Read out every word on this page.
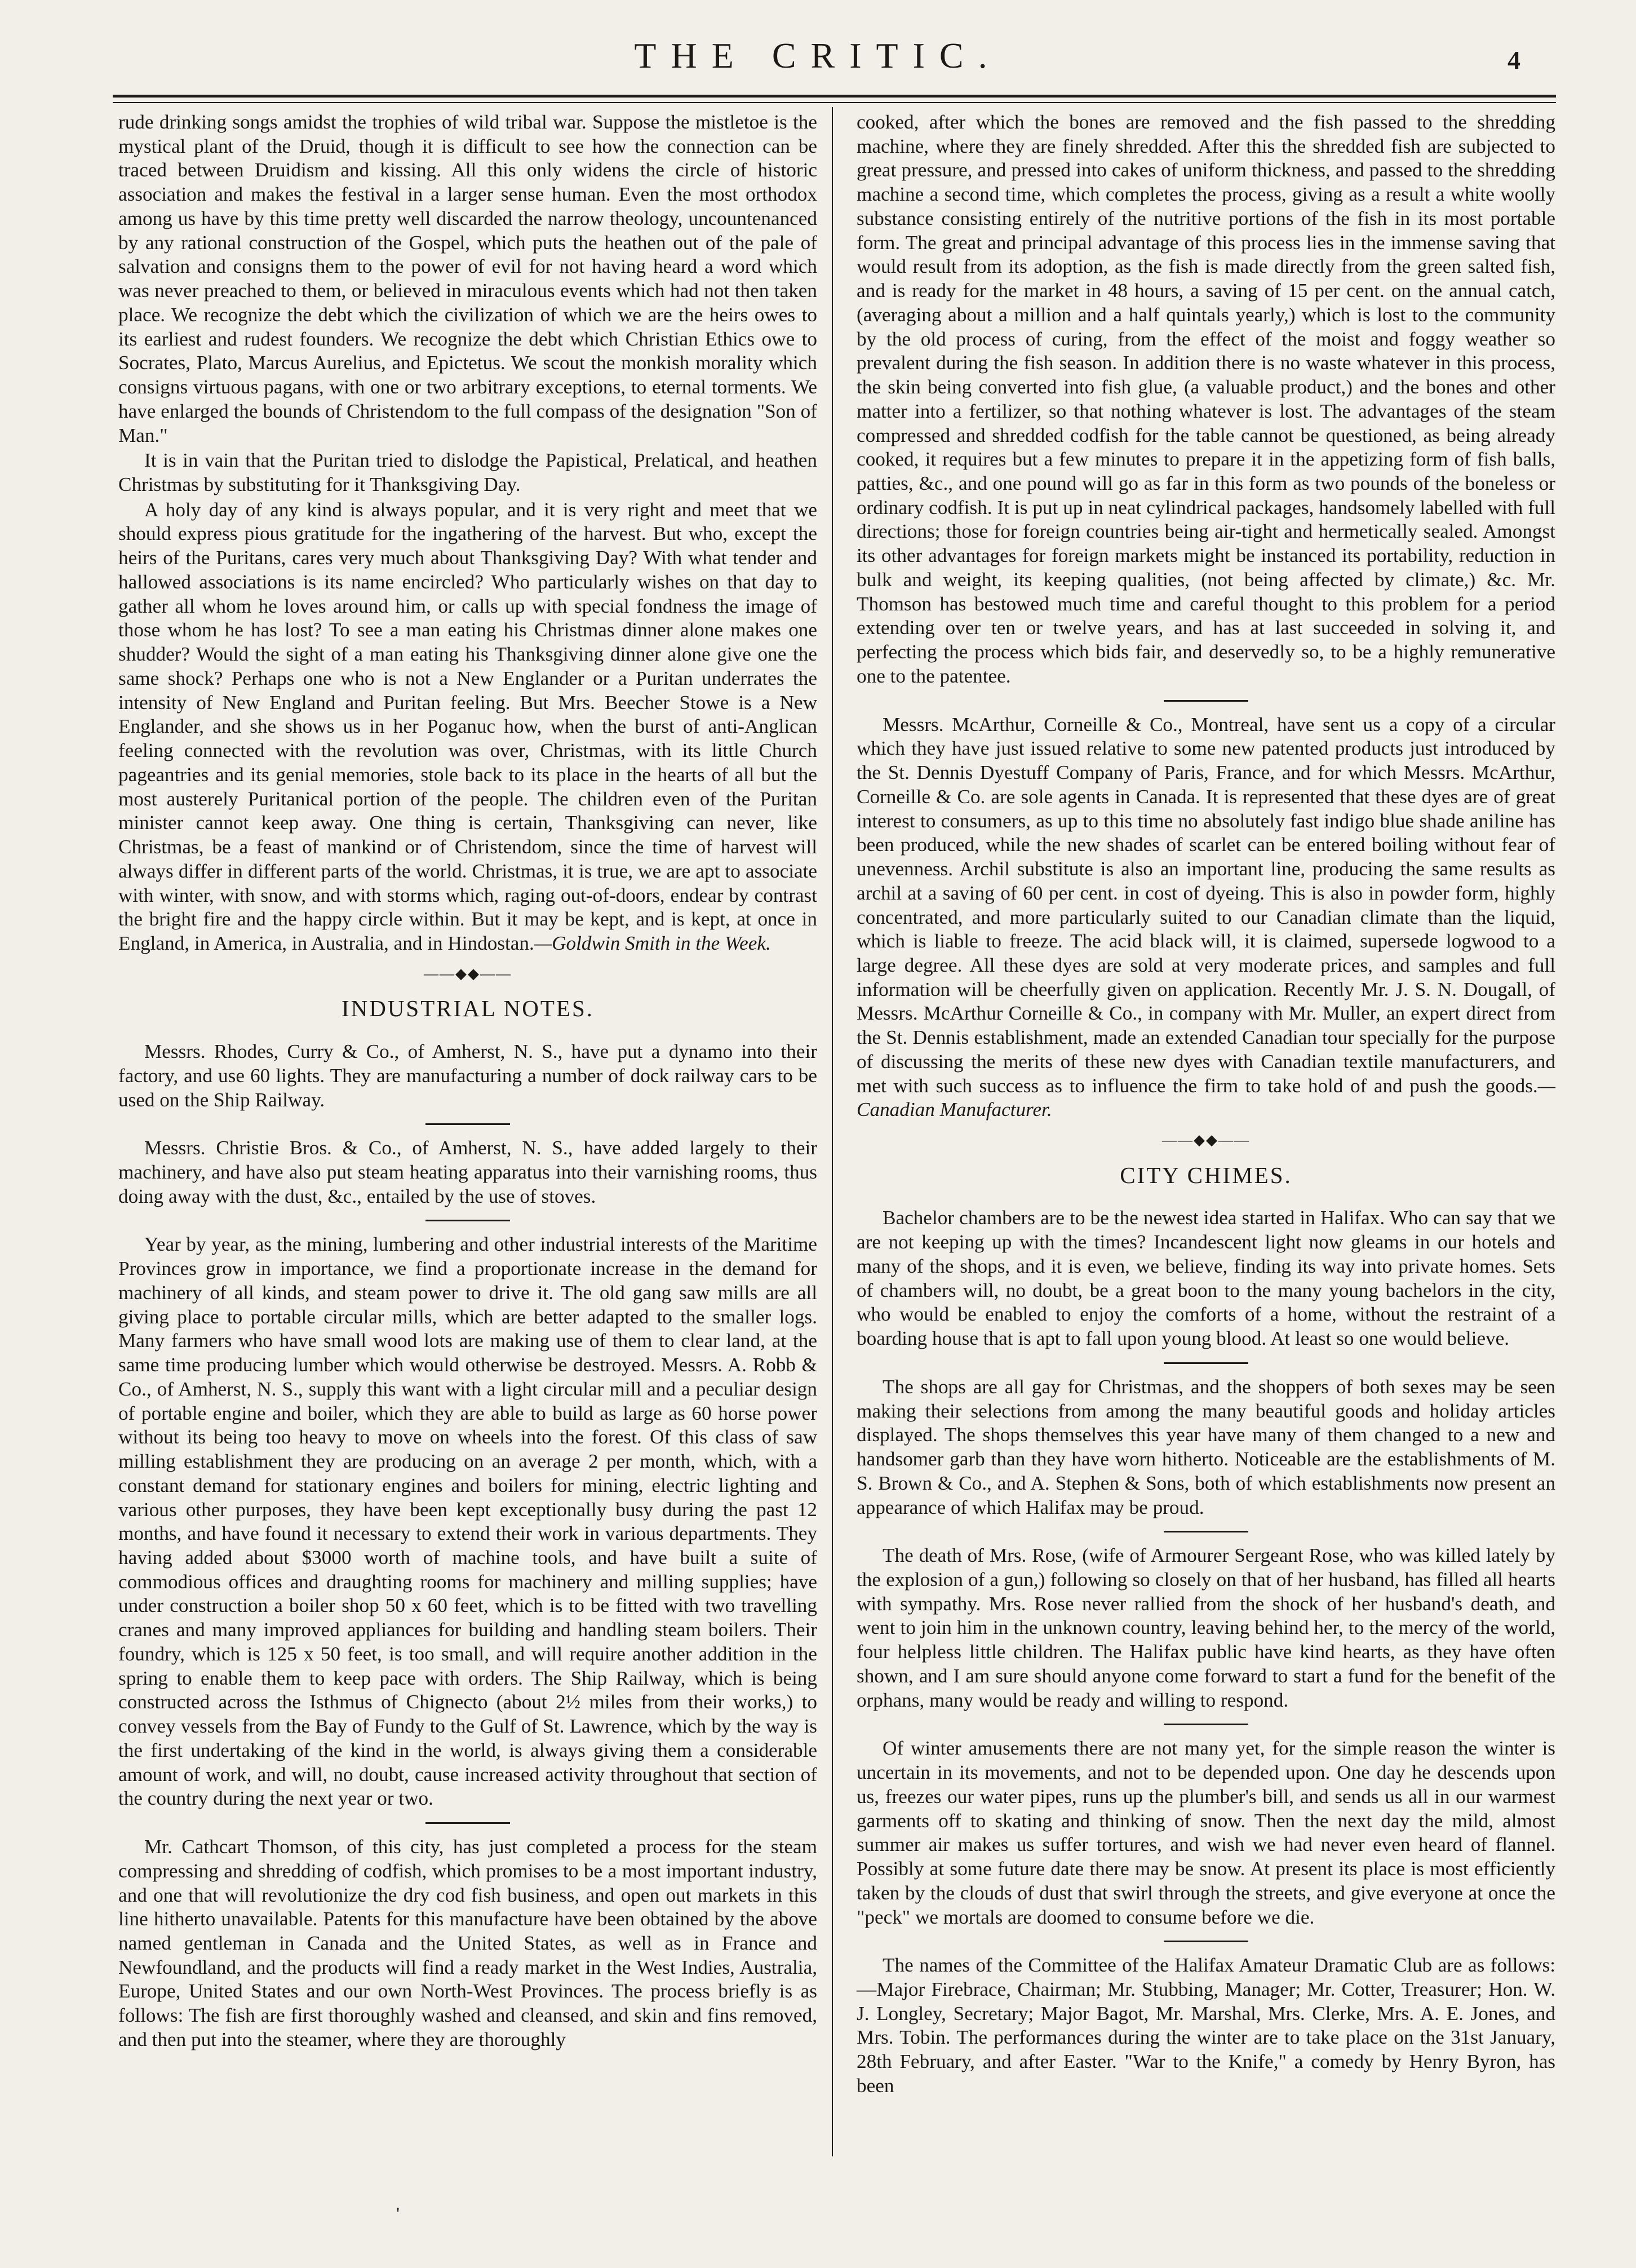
THE CRITIC.	4

rude drinking songs amidst the trophies of wild tribal war. Suppose the mistletoe is the mystical plant of the Druid, though it is difficult to see how the connection can be traced between Druidism and kissing. All this only widens the circle of historic association and makes the festival in a larger sense human. Even the most orthodox among us have by this time pretty well discarded the narrow theology, uncountenanced by any rational construction of the Gospel, which puts the heathen out of the pale of salvation and consigns them to the power of evil for not having heard a word which was never preached to them, or believed in miraculous events which had not then taken place. We recognize the debt which the civilization of which we are the heirs owes to its earliest and rudest founders. We recognize the debt which Christian Ethics owe to Socrates, Plato, Marcus Aurelius, and Epictetus. We scout the monkish morality which consigns virtuous pagans, with one or two arbitrary exceptions, to eternal torments. We have enlarged the bounds of Christendom to the full compass of the designation "Son of Man."

It is in vain that the Puritan tried to dislodge the Papistical, Prelatical, and heathen Christmas by substituting for it Thanksgiving Day.

A holy day of any kind is always popular, and it is very right and meet that we should express pious gratitude for the ingathering of the harvest. But who, except the heirs of the Puritans, cares very much about Thanksgiving Day? With what tender and hallowed associations is its name encircled? Who particularly wishes on that day to gather all whom he loves around him, or calls up with special fondness the image of those whom he has lost? To see a man eating his Christmas dinner alone makes one shudder? Would the sight of a man eating his Thanksgiving dinner alone give one the same shock? Perhaps one who is not a New Englander or a Puritan underrates the intensity of New England and Puritan feeling. But Mrs. Beecher Stowe is a New Englander, and she shows us in her Poganuc how, when the burst of anti-Anglican feeling connected with the revolution was over, Christmas, with its little Church pageantries and its genial memories, stole back to its place in the hearts of all but the most austerely Puritanical portion of the people. The children even of the Puritan minister cannot keep away. One thing is certain, Thanksgiving can never, like Christmas, be a feast of mankind or of Christendom, since the time of harvest will always differ in different parts of the world. Christmas, it is true, we are apt to associate with winter, with snow, and with storms which, raging out-of-doors, endear by contrast the bright fire and the happy circle within. But it may be kept, and is kept, at once in England, in America, in Australia, and in Hindostan.—Goldwin Smith in the Week.

——◆◆——
INDUSTRIAL NOTES.

Messrs. Rhodes, Curry & Co., of Amherst, N. S., have put a dynamo into their factory, and use 60 lights. They are manufacturing a number of dock railway cars to be used on the Ship Railway.

Messrs. Christie Bros. & Co., of Amherst, N. S., have added largely to their machinery, and have also put steam heating apparatus into their varnishing rooms, thus doing away with the dust, &c., entailed by the use of stoves.

Year by year, as the mining, lumbering and other industrial interests of the Maritime Provinces grow in importance, we find a proportionate increase in the demand for machinery of all kinds, and steam power to drive it. The old gang saw mills are all giving place to portable circular mills, which are better adapted to the smaller logs. Many farmers who have small wood lots are making use of them to clear land, at the same time producing lumber which would otherwise be destroyed. Messrs. A. Robb & Co., of Amherst, N. S., supply this want with a light circular mill and a peculiar design of portable engine and boiler, which they are able to build as large as 60 horse power without its being too heavy to move on wheels into the forest. Of this class of saw milling establishment they are producing on an average 2 per month, which, with a constant demand for stationary engines and boilers for mining, electric lighting and various other purposes, they have been kept exceptionally busy during the past 12 months, and have found it necessary to extend their work in various departments. They having added about $3000 worth of machine tools, and have built a suite of commodious offices and draughting rooms for machinery and milling supplies; have under construction a boiler shop 50 x 60 feet, which is to be fitted with two travelling cranes and many improved appliances for building and handling steam boilers. Their foundry, which is 125 x 50 feet, is too small, and will require another addition in the spring to enable them to keep pace with orders. The Ship Railway, which is being constructed across the Isthmus of Chignecto (about 2½ miles from their works,) to convey vessels from the Bay of Fundy to the Gulf of St. Lawrence, which by the way is the first undertaking of the kind in the world, is always giving them a considerable amount of work, and will, no doubt, cause increased activity throughout that section of the country during the next year or two.

Mr. Cathcart Thomson, of this city, has just completed a process for the steam compressing and shredding of codfish, which promises to be a most important industry, and one that will revolutionize the dry cod fish business, and open out markets in this line hitherto unavailable. Patents for this manufacture have been obtained by the above named gentleman in Canada and the United States, as well as in France and Newfoundland, and the products will find a ready market in the West Indies, Australia, Europe, United States and our own North-West Provinces. The process briefly is as follows: The fish are first thoroughly washed and cleansed, and skin and fins removed, and then put into the steamer, where they are thoroughly

cooked, after which the bones are removed and the fish passed to the shredding machine, where they are finely shredded. After this the shredded fish are subjected to great pressure, and pressed into cakes of uniform thickness, and passed to the shredding machine a second time, which completes the process, giving as a result a white woolly substance consisting entirely of the nutritive portions of the fish in its most portable form. The great and principal advantage of this process lies in the immense saving that would result from its adoption, as the fish is made directly from the green salted fish, and is ready for the market in 48 hours, a saving of 15 per cent. on the annual catch, (averaging about a million and a half quintals yearly,) which is lost to the community by the old process of curing, from the effect of the moist and foggy weather so prevalent during the fish season. In addition there is no waste whatever in this process, the skin being converted into fish glue, (a valuable product,) and the bones and other matter into a fertilizer, so that nothing whatever is lost. The advantages of the steam compressed and shredded codfish for the table cannot be questioned, as being already cooked, it requires but a few minutes to prepare it in the appetizing form of fish balls, patties, &c., and one pound will go as far in this form as two pounds of the boneless or ordinary codfish. It is put up in neat cylindrical packages, handsomely labelled with full directions; those for foreign countries being air-tight and hermetically sealed. Amongst its other advantages for foreign markets might be instanced its portability, reduction in bulk and weight, its keeping qualities, (not being affected by climate,) &c. Mr. Thomson has bestowed much time and careful thought to this problem for a period extending over ten or twelve years, and has at last succeeded in solving it, and perfecting the process which bids fair, and deservedly so, to be a highly remunerative one to the patentee.

Messrs. McArthur, Corneille & Co., Montreal, have sent us a copy of a circular which they have just issued relative to some new patented products just introduced by the St. Dennis Dyestuff Company of Paris, France, and for which Messrs. McArthur, Corneille & Co. are sole agents in Canada. It is represented that these dyes are of great interest to consumers, as up to this time no absolutely fast indigo blue shade aniline has been produced, while the new shades of scarlet can be entered boiling without fear of unevenness. Archil substitute is also an important line, producing the same results as archil at a saving of 60 per cent. in cost of dyeing. This is also in powder form, highly concentrated, and more particularly suited to our Canadian climate than the liquid, which is liable to freeze. The acid black will, it is claimed, supersede logwood to a large degree. All these dyes are sold at very moderate prices, and samples and full information will be cheerfully given on application. Recently Mr. J. S. N. Dougall, of Messrs. McArthur Corneille & Co., in company with Mr. Muller, an expert direct from the St. Dennis establishment, made an extended Canadian tour specially for the purpose of discussing the merits of these new dyes with Canadian textile manufacturers, and met with such success as to influence the firm to take hold of and push the goods.—Canadian Manufacturer.

——◆◆——
CITY CHIMES.

Bachelor chambers are to be the newest idea started in Halifax. Who can say that we are not keeping up with the times? Incandescent light now gleams in our hotels and many of the shops, and it is even, we believe, finding its way into private homes. Sets of chambers will, no doubt, be a great boon to the many young bachelors in the city, who would be enabled to enjoy the comforts of a home, without the restraint of a boarding house that is apt to fall upon young blood. At least so one would believe.

The shops are all gay for Christmas, and the shoppers of both sexes may be seen making their selections from among the many beautiful goods and holiday articles displayed. The shops themselves this year have many of them changed to a new and handsomer garb than they have worn hitherto. Noticeable are the establishments of M. S. Brown & Co., and A. Stephen & Sons, both of which establishments now present an appearance of which Halifax may be proud.

The death of Mrs. Rose, (wife of Armourer Sergeant Rose, who was killed lately by the explosion of a gun,) following so closely on that of her husband, has filled all hearts with sympathy. Mrs. Rose never rallied from the shock of her husband's death, and went to join him in the unknown country, leaving behind her, to the mercy of the world, four helpless little children. The Halifax public have kind hearts, as they have often shown, and I am sure should anyone come forward to start a fund for the benefit of the orphans, many would be ready and willing to respond.

Of winter amusements there are not many yet, for the simple reason the winter is uncertain in its movements, and not to be depended upon. One day he descends upon us, freezes our water pipes, runs up the plumber's bill, and sends us all in our warmest garments off to skating and thinking of snow. Then the next day the mild, almost summer air makes us suffer tortures, and wish we had never even heard of flannel. Possibly at some future date there may be snow. At present its place is most efficiently taken by the clouds of dust that swirl through the streets, and give everyone at once the "peck" we mortals are doomed to consume before we die.

The names of the Committee of the Halifax Amateur Dramatic Club are as follows:—Major Firebrace, Chairman; Mr. Stubbing, Manager; Mr. Cotter, Treasurer; Hon. W. J. Longley, Secretary; Major Bagot, Mr. Marshal, Mrs. Clerke, Mrs. A. E. Jones, and Mrs. Tobin. The performances during the winter are to take place on the 31st January, 28th February, and after Easter. "War to the Knife," a comedy by Henry Byron, has been

'
